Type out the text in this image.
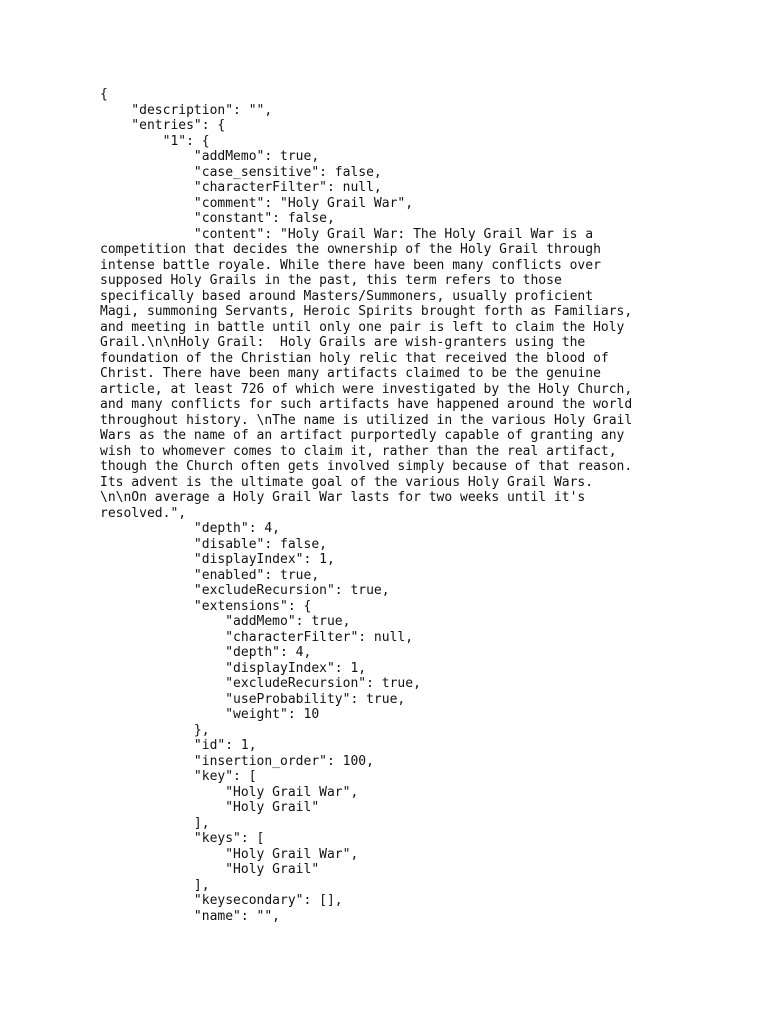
{
"description": "",
"entries": {
"1": {
"addMemo": true,
"case_sensitive": false,
"characterFilter": null,
"comment": "Holy Grail War",
"constant": false,
"content": "Holy Grail War: The Holy Grail War is a
competition that decides the ownership of the Holy Grail through
intense battle royale. While there have been many conflicts over
supposed Holy Grails in the past, this term refers to those
specifically based around Masters/Summoners, usually proficient
Magi, summoning Servants, Heroic Spirits brought forth as Familiars,
and meeting in battle until only one pair is left to claim the Holy
Grail.\n\nHoly Grail:  Holy Grails are wish-granters using the
foundation of the Christian holy relic that received the blood of
Christ. There have been many artifacts claimed to be the genuine
article, at least 726 of which were investigated by the Holy Church,
and many conflicts for such artifacts have happened around the world
throughout history. \nThe name is utilized in the various Holy Grail
Wars as the name of an artifact purportedly capable of granting any
wish to whomever comes to claim it, rather than the real artifact,
though the Church often gets involved simply because of that reason.
Its advent is the ultimate goal of the various Holy Grail Wars.
\n\nOn average a Holy Grail War lasts for two weeks until it's
resolved.",
"depth": 4,
"disable": false,
"displayIndex": 1,
"enabled": true,
"excludeRecursion": true,
"extensions": {
"addMemo": true,
"characterFilter": null,
"depth": 4,
"displayIndex": 1,
"excludeRecursion": true,
"useProbability": true,
"weight": 10
},
"id": 1,
"insertion_order": 100,
"key": [
"Holy Grail War",
"Holy Grail"
],
"keys": [
"Holy Grail War",
"Holy Grail"
],
"keysecondary": [],
"name": "",
